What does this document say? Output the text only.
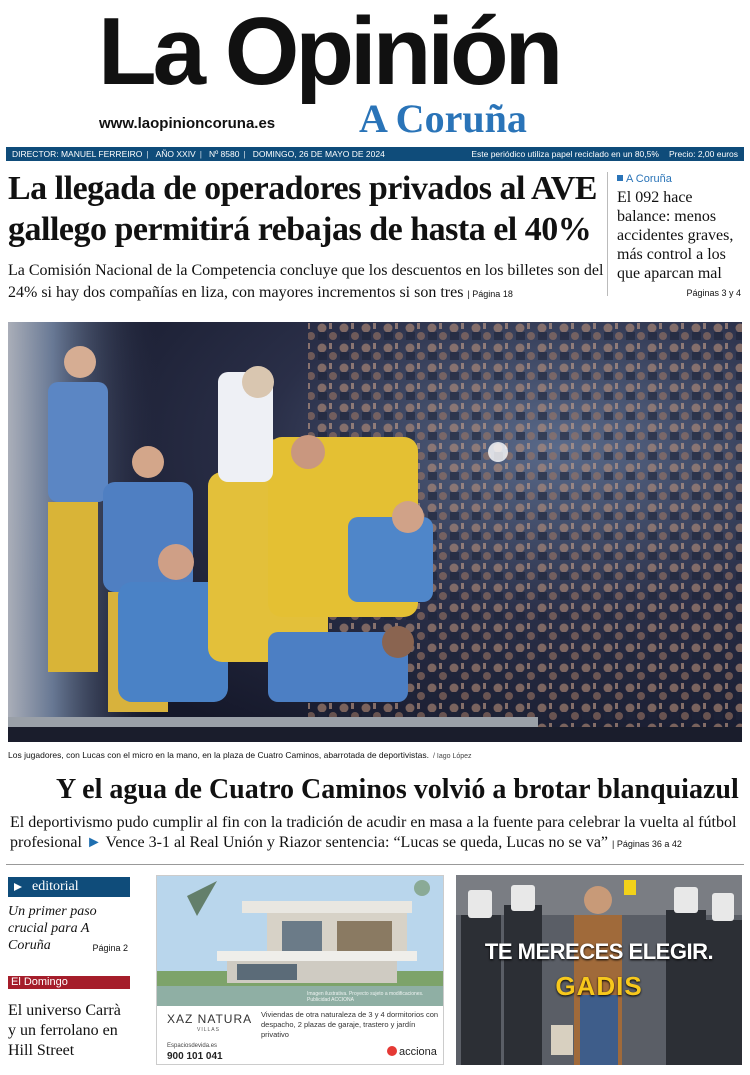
La Opinión
www.laopinioncoruna.es A Coruña
DIRECTOR: MANUEL FERREIRO | AÑO XXIV | Nº 8580 | DOMINGO, 26 DE MAYO DE 2024	Este periódico utiliza papel reciclado en un 80,5% Precio: 2,00 euros
La llegada de operadores privados al AVE gallego permitirá rebajas de hasta el 40%

La Comisión Nacional de la Competencia concluye que los descuentos en los billetes son del 24% si hay dos compañías en liza, con mayores incrementos si son tres | Página 18

A Coruña
El 092 hace balance: menos accidentes graves, más control a los que aparcan mal
Páginas 3 y 4
Los jugadores, con Lucas con el micro en la mano, en la plaza de Cuatro Caminos, abarrotada de deportivistas. / Iago López
Y el agua de Cuatro Caminos volvió a brotar blanquiazul

El deportivismo pudo cumplir al fin con la tradición de acudir en masa a la fuente para celebrar la vuelta al fútbol profesional ► Vence 3-1 al Real Unión y Riazor sentencia: “Lucas se queda, Lucas no se va” | Páginas 36 a 42

editorial
Un primer paso crucial para A Coruña	Página 2
El Domingo
El universo Carrà y un ferrolano en Hill Street
Imagen ilustrativa. Proyecto sujeto a modificaciones. Publicidad ACCIONA
XAZ NATURA
VILLAS
Viviendas de otra naturaleza de 3 y 4 dormitorios con despacho, 2 plazas de garaje, trastero y jardín privativo
Espaciosdevida.es
900 101 041	acciona
TE MERECES ELEGIR.
GADIS
